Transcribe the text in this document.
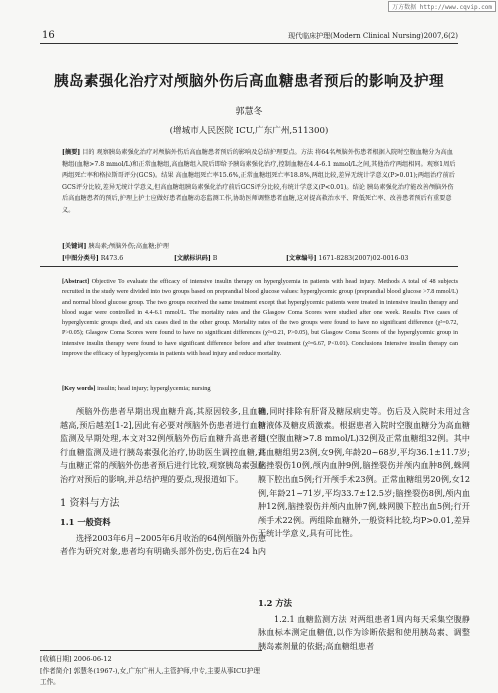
万方数据 http://www.cqvip.com
16	现代临床护理(Modern Clinical Nursing)2007,6(2)
胰岛素强化治疗对颅脑外伤后高血糖患者预后的影响及护理
郭慧冬
(增城市人民医院 ICU,广东广州,511300)
[摘要] 目的 观察胰岛素强化治疗对颅脑外伤后高血糖患者预后的影响及总结护理要点。方法 将64名颅脑外伤患者根据入院时空腹血糖分为高血糖组(血糖>7.8 mmol/L)和正常血糖组,高血糖组入院后即给予胰岛素强化治疗,控制血糖在4.4-6.1 mmol/L之间,其他治疗两组相同。观察1周后两组死亡率和格拉斯哥评分(GCS)。结果 高血糖组死亡率15.6%,正常血糖组死亡率18.8%,两组比较,差异无统计学意义(P>0.01);两组治疗前后GCS评分比较,差异无统计学意义,但高血糖组胰岛素强化治疗前后GCS评分比较,有统计学意义(P<0.01)。结论 胰岛素强化治疗能改善颅脑外伤后高血糖患者的预后,护理上护士应做好患者血糖动态监测工作,协助医师调整患者血糖,这对提高救治水平、降低死亡率、改善患者预后有重要意义。
[关键词] 胰岛素;颅脑外伤;高血糖;护理
[中图分类号] R473.6	[文献标识码] B	[文章编号] 1671-8283(2007)02-0016-03
[Abstract] Objective To evaluate the efficacy of intensive insulin therapy on hyperglycemia in patients with head injury. Methods A total of 48 subjects recruited in the study were divided into two groups based on preprandial blood glucose values: hyperglycemic group (preprandial blood glucose >7.8 mmol/L) and normal blood glucose group. The two groups received the same treatment except that hyperglycemic patients were treated in intensive insulin therapy and blood sugar were controlled in 4.4-6.1 mmol/L. The mortality rates and the Glasgow Coma Scores were studied after one week. Results Five cases of hyperglycemic groups died, and six cases died in the other group. Mortality rates of the two groups were found to have no significant difference (χ²=0.72, P>0.05); Glasgow Coma Scores were found to have no significant differences (χ²=0.21, P>0.05), but Glasgow Coma Scores of the hyperglycemic group in intensive insulin therapy were found to have significant difference before and after treatment (χ²=6.67, P<0.01). Conclusions Intensive insulin therapy can improve the efficacy of hyperglycemia in patients with head injury and reduce mortality.
[Key words] insulin; head injury; hyperglycemia; nursing

颅脑外伤患者早期出现血糖升高,其原因较多,且血糖越高,预后越差[1-2],因此有必要对颅脑外伤患者进行血糖监测及早期处理,本文对32例颅脑外伤后血糖升高患者进行血糖监测及进行胰岛素强化治疗,协助医生调控血糖,并与血糖正常的颅脑外伤患者预后进行比较,观察胰岛素强化治疗对预后的影响,并总结护理的要点,现报道如下。

1 资料与方法
1.1 一般资料

选择2003年6月~2005年6月收治的64例颅脑外伤患者作为研究对象,患者均有明确头部外伤史,伤后在24 h内

确,同时排除有肝肾及糖尿病史等。伤后及入院时未用过含糖液体及糖皮质激素。根据患者入院时空腹血糖分为高血糖组(空腹血糖>7.8 mmol/L)32例及正常血糖组32例。其中高血糖组男23例,女9例,年龄20~68岁,平均36.1±11.7岁;脑挫裂伤10例,颅内血肿9例,脑挫裂伤并颅内血肿8例,蛛网膜下腔出血5例;行开颅手术23例。正常血糖组男20例,女12例,年龄21~71岁,平均33.7±12.5岁;脑挫裂伤8例,颅内血肿12例,脑挫裂伤并颅内血肿7例,蛛网膜下腔出血5例;行开颅手术22例。两组除血糖外,一般资料比较,均P>0.01,差异无统计学意义,具有可比性。

1.2 方法

1.2.1 血糖监测方法 对两组患者1周内每天采集空腹静脉血标本测定血糖值,以作为诊断依据和使用胰岛素、调整胰岛素剂量的依据;高血糖组患者

[收稿日期] 2006-06-12
[作者简介] 郭慧冬(1967-),女,广东广州人,主管护师,中专,主要从事ICU护理工作。
